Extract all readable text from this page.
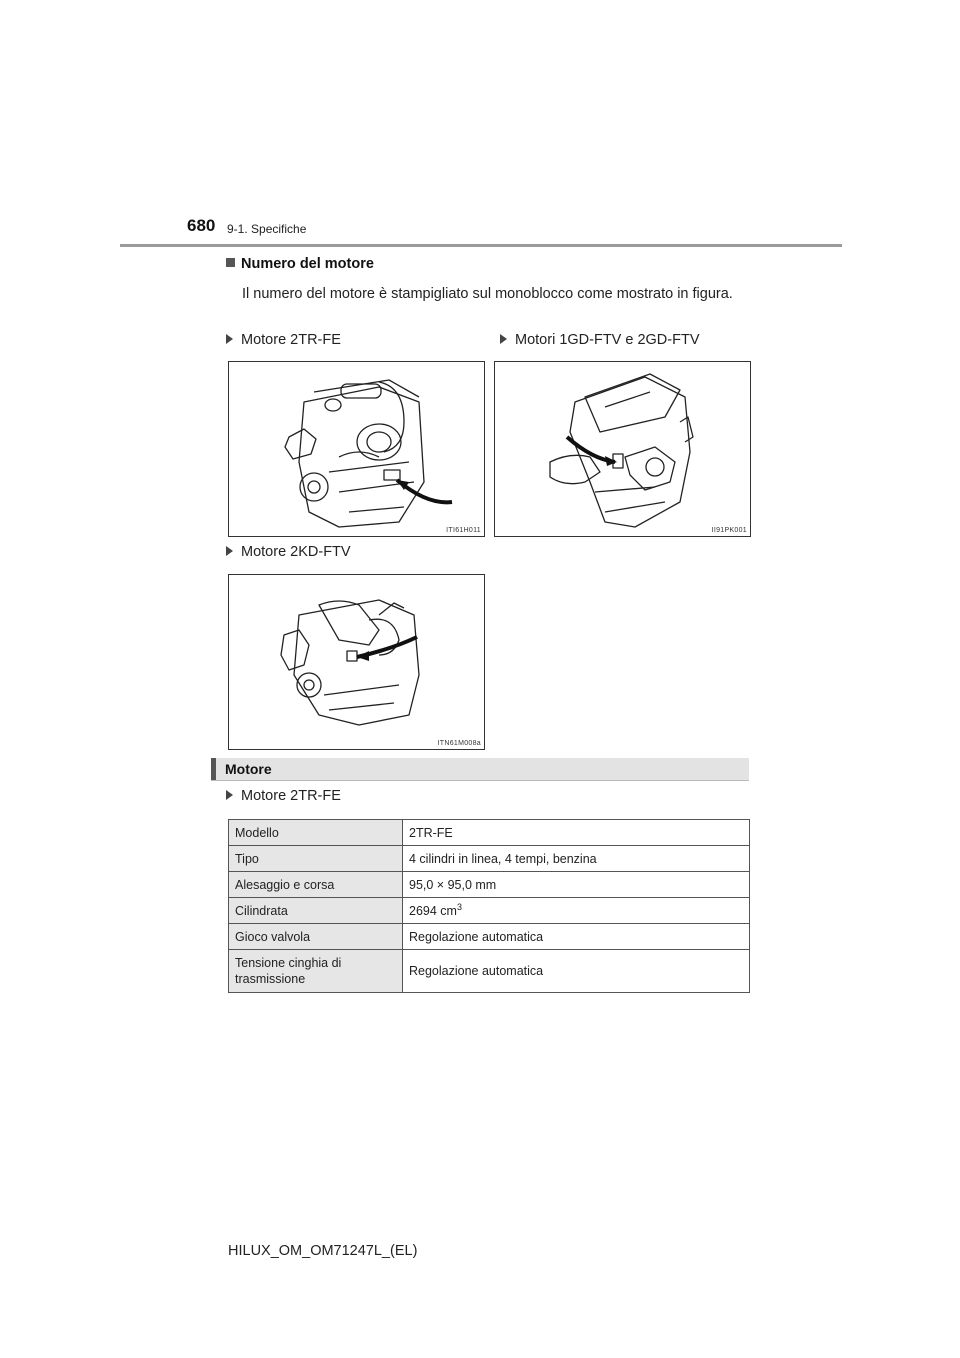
680 9-1. Specifiche
Numero del motore
Il numero del motore è stampigliato sul monoblocco come mostrato in figura.
Motore 2TR-FE	Motori 1GD-FTV e 2GD-FTV
ITI61H011	II91PK001
Motore 2KD-FTV
ITN61M008a
Motore
Motore 2TR-FE
Modello	2TR-FE
Tipo	4 cilindri in linea, 4 tempi, benzina
Alesaggio e corsa	95,0 × 95,0 mm
Cilindrata	2694 $cm^3$
Gioco valvola	Regolazione automatica
Tensione cinghia di
trasmissione	Regolazione automatica
HILUX_OM_OM71247L_(EL)
